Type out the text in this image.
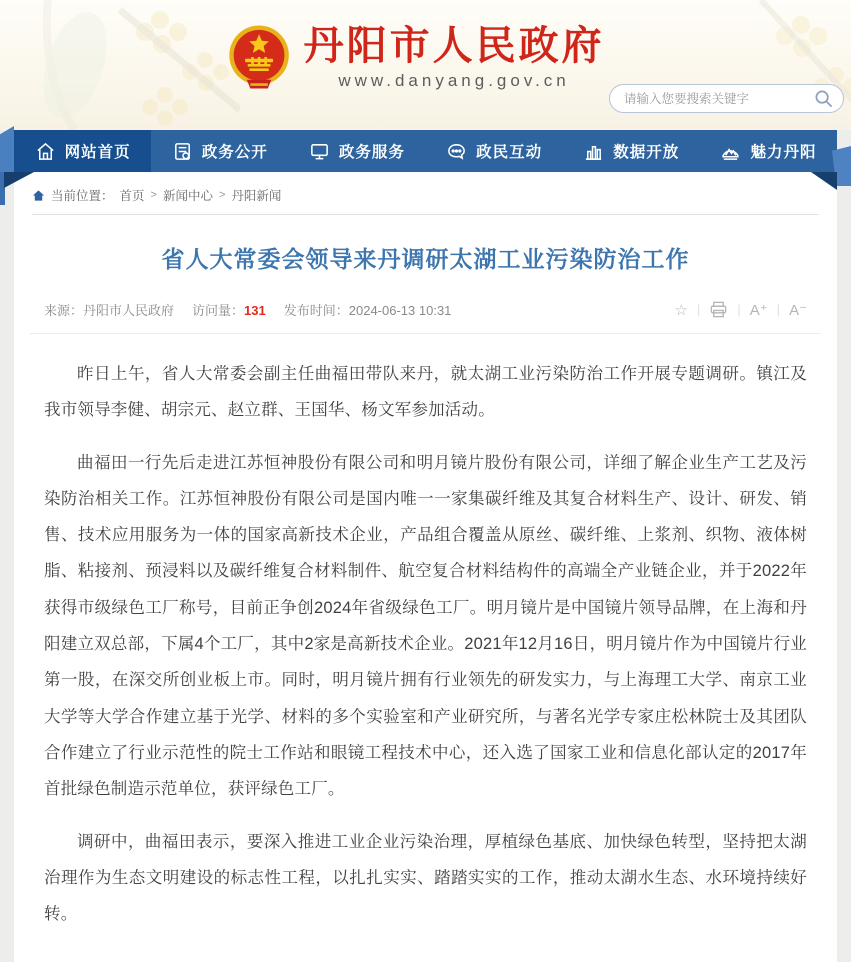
丹阳市人民政府
www.danyang.gov.cn
请输入您要搜索关键字
网站首页	政务公开	政务服务	政民互动	数据开放	魅力丹阳
当前位置： 首页 > 新闻中心 > 丹阳新闻
省人大常委会领导来丹调研太湖工业污染防治工作
来源：丹阳市人民政府 访问量：131 发布时间：2024-06-13 10:31	☆ |	| A⁺ | A⁻

昨日上午，省人大常委会副主任曲福田带队来丹，就太湖工业污染防治工作开展专题调研。镇江及我市领导李健、胡宗元、赵立群、王国华、杨文军参加活动。

曲福田一行先后走进江苏恒神股份有限公司和明月镜片股份有限公司，详细了解企业生产工艺及污染防治相关工作。江苏恒神股份有限公司是国内唯一一家集碳纤维及其复合材料生产、设计、研发、销售、技术应用服务为一体的国家高新技术企业，产品组合覆盖从原丝、碳纤维、上浆剂、织物、液体树脂、粘接剂、预浸料以及碳纤维复合材料制件、航空复合材料结构件的高端全产业链企业，并于2022年获得市级绿色工厂称号，目前正争创2024年省级绿色工厂。明月镜片是中国镜片领导品牌，在上海和丹阳建立双总部，下属4个工厂，其中2家是高新技术企业。2021年12月16日，明月镜片作为中国镜片行业第一股，在深交所创业板上市。同时，明月镜片拥有行业领先的研发实力，与上海理工大学、南京工业大学等大学合作建立基于光学、材料的多个实验室和产业研究所，与著名光学专家庄松林院士及其团队合作建立了行业示范性的院士工作站和眼镜工程技术中心，还入选了国家工业和信息化部认定的2017年首批绿色制造示范单位，获评绿色工厂。

调研中，曲福田表示，要深入推进工业企业污染治理，厚植绿色基底、加快绿色转型，坚持把太湖治理作为生态文明建设的标志性工程，以扎扎实实、踏踏实实的工作，推动太湖水生态、水环境持续好转。
